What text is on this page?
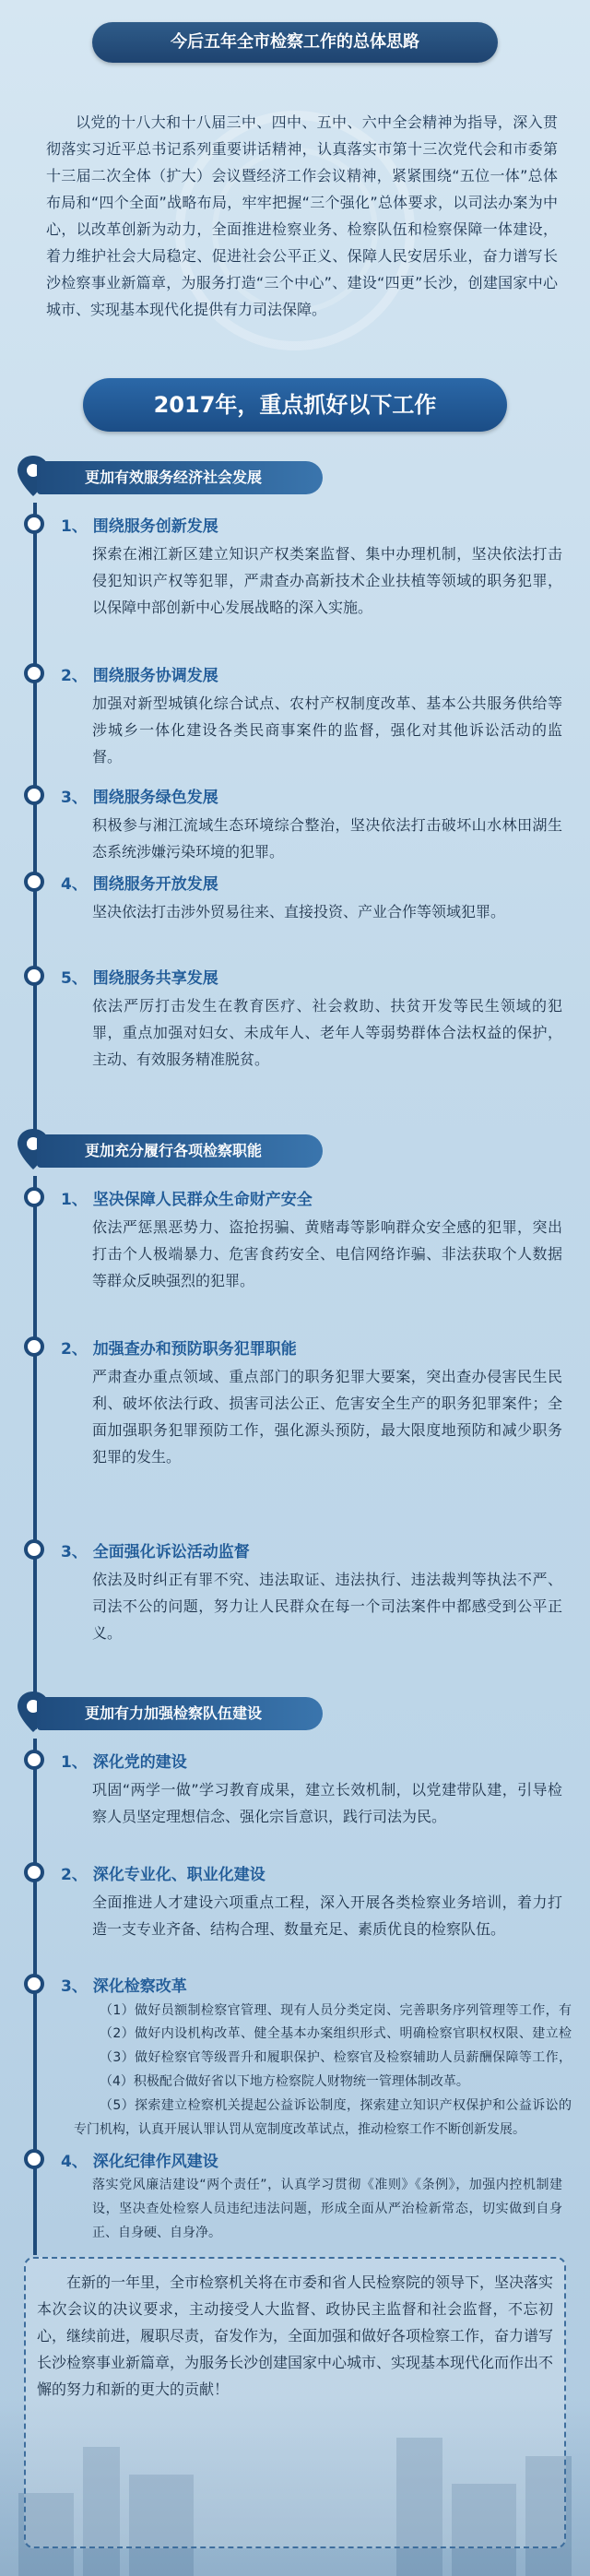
今后五年全市检察工作的总体思路
以党的十八大和十八届三中、四中、五中、六中全会精神为指导，深入贯彻落实习近平总书记系列重要讲话精神，认真落实市第十三次党代会和市委第十三届二次全体（扩大）会议暨经济工作会议精神，紧紧围绕“五位一体”总体布局和“四个全面”战略布局，牢牢把握“三个强化”总体要求，以司法办案为中心，以改革创新为动力，全面推进检察业务、检察队伍和检察保障一体建设，着力维护社会大局稳定、促进社会公平正义、保障人民安居乐业，奋力谱写长沙检察事业新篇章，为服务打造“三个中心”、建设“四更”长沙，创建国家中心城市、实现基本现代化提供有力司法保障。
2017年，重点抓好以下工作
更加有效服务经济社会发展
1、 围绕服务创新发展
探索在湘江新区建立知识产权类案监督、集中办理机制，坚决依法打击侵犯知识产权等犯罪，严肃查办高新技术企业扶植等领域的职务犯罪，以保障中部创新中心发展战略的深入实施。
2、 围绕服务协调发展
加强对新型城镇化综合试点、农村产权制度改革、基本公共服务供给等涉城乡一体化建设各类民商事案件的监督，强化对其他诉讼活动的监督。
3、 围绕服务绿色发展
积极参与湘江流域生态环境综合整治，坚决依法打击破坏山水林田湖生态系统涉嫌污染环境的犯罪。
4、 围绕服务开放发展
坚决依法打击涉外贸易往来、直接投资、产业合作等领域犯罪。
5、 围绕服务共享发展
依法严厉打击发生在教育医疗、社会救助、扶贫开发等民生领域的犯罪，重点加强对妇女、未成年人、老年人等弱势群体合法权益的保护，主动、有效服务精准脱贫。
更加充分履行各项检察职能
1、 坚决保障人民群众生命财产安全
依法严惩黑恶势力、盗抢拐骗、黄赌毒等影响群众安全感的犯罪，突出打击个人极端暴力、危害食药安全、电信网络诈骗、非法获取个人数据等群众反映强烈的犯罪。
2、 加强查办和预防职务犯罪职能
严肃查办重点领域、重点部门的职务犯罪大要案，突出查办侵害民生民利、破坏依法行政、损害司法公正、危害安全生产的职务犯罪案件；全面加强职务犯罪预防工作，强化源头预防，最大限度地预防和减少职务犯罪的发生。
3、 全面强化诉讼活动监督
依法及时纠正有罪不究、违法取证、违法执行、违法裁判等执法不严、司法不公的问题，努力让人民群众在每一个司法案件中都感受到公平正义。
更加有力加强检察队伍建设
1、 深化党的建设
巩固“两学一做”学习教育成果，建立长效机制，以党建带队建，引导检察人员坚定理想信念、强化宗旨意识，践行司法为民。
2、 深化专业化、职业化建设
全面推进人才建设六项重点工程，深入开展各类检察业务培训，着力打造一支专业齐备、结构合理、数量充足、素质优良的检察队伍。
3、 深化检察改革
（1）做好员额制检察官管理、现有人员分类定岗、完善职务序列管理等工作，有
（2）做好内设机构改革、健全基本办案组织形式、明确检察官职权权限、建立检
（3）做好检察官等级晋升和履职保护、检察官及检察辅助人员薪酬保障等工作，
（4）积极配合做好省以下地方检察院人财物统一管理体制改革。
（5）探索建立检察机关提起公益诉讼制度，探索建立知识产权保护和公益诉讼的专门机构，认真开展认罪认罚从宽制度改革试点，推动检察工作不断创新发展。
4、 深化纪律作风建设
落实党风廉洁建设“两个责任”，认真学习贯彻《准则》《条例》，加强内控机制建设，坚决查处检察人员违纪违法问题，形成全面从严治检新常态，切实做到自身正、自身硬、自身净。
在新的一年里，全市检察机关将在市委和省人民检察院的领导下，坚决落实本次会议的决议要求，主动接受人大监督、政协民主监督和社会监督，不忘初心，继续前进，履职尽责，奋发作为，全面加强和做好各项检察工作，奋力谱写长沙检察事业新篇章，为服务长沙创建国家中心城市、实现基本现代化而作出不懈的努力和新的更大的贡献！
